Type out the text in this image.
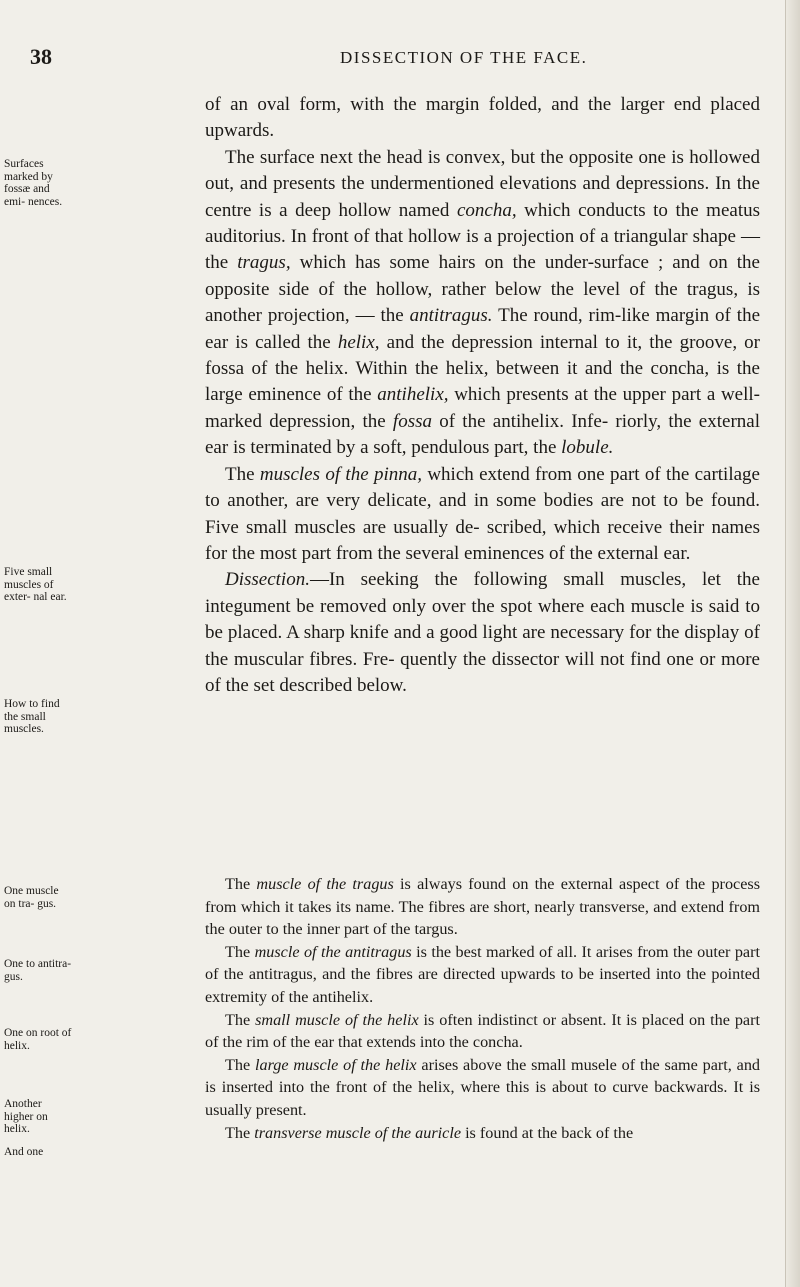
38	DISSECTION OF THE FACE.
Surfaces marked by fossæ and emi- nences.
Five small muscles of exter- nal ear.
How to find the small muscles.
One muscle on tra- gus.
One to antitra- gus.
One on root of helix.
Another higher on helix.
And one

of an oval form, with the margin folded, and the larger end placed upwards.

The surface next the head is convex, but the opposite one is hollowed out, and presents the undermentioned elevations and depressions. In the centre is a deep hollow named concha, which conducts to the meatus auditorius. In front of that hollow is a projection of a triangular shape — the tragus, which has some hairs on the under-surface ; and on the opposite side of the hollow, rather below the level of the tragus, is another projection, — the antitragus. The round, rim-like margin of the ear is called the helix, and the depression internal to it, the groove, or fossa of the helix. Within the helix, between it and the concha, is the large eminence of the antihelix, which presents at the upper part a well-marked depression, the fossa of the antihelix. Infe- riorly, the external ear is terminated by a soft, pendulous part, the lobule.

The muscles of the pinna, which extend from one part of the cartilage to another, are very delicate, and in some bodies are not to be found. Five small muscles are usually de- scribed, which receive their names for the most part from the several eminences of the external ear.

Dissection.—In seeking the following small muscles, let the integument be removed only over the spot where each muscle is said to be placed. A sharp knife and a good light are necessary for the display of the muscular fibres. Fre- quently the dissector will not find one or more of the set described below.

The muscle of the tragus is always found on the external aspect of the process from which it takes its name. The fibres are short, nearly transverse, and extend from the outer to the inner part of the targus.

The muscle of the antitragus is the best marked of all. It arises from the outer part of the antitragus, and the fibres are directed upwards to be inserted into the pointed extremity of the antihelix.

The small muscle of the helix is often indistinct or absent. It is placed on the part of the rim of the ear that extends into the concha.

The large muscle of the helix arises above the small musele of the same part, and is inserted into the front of the helix, where this is about to curve backwards. It is usually present.

The transverse muscle of the auricle is found at the back of the
